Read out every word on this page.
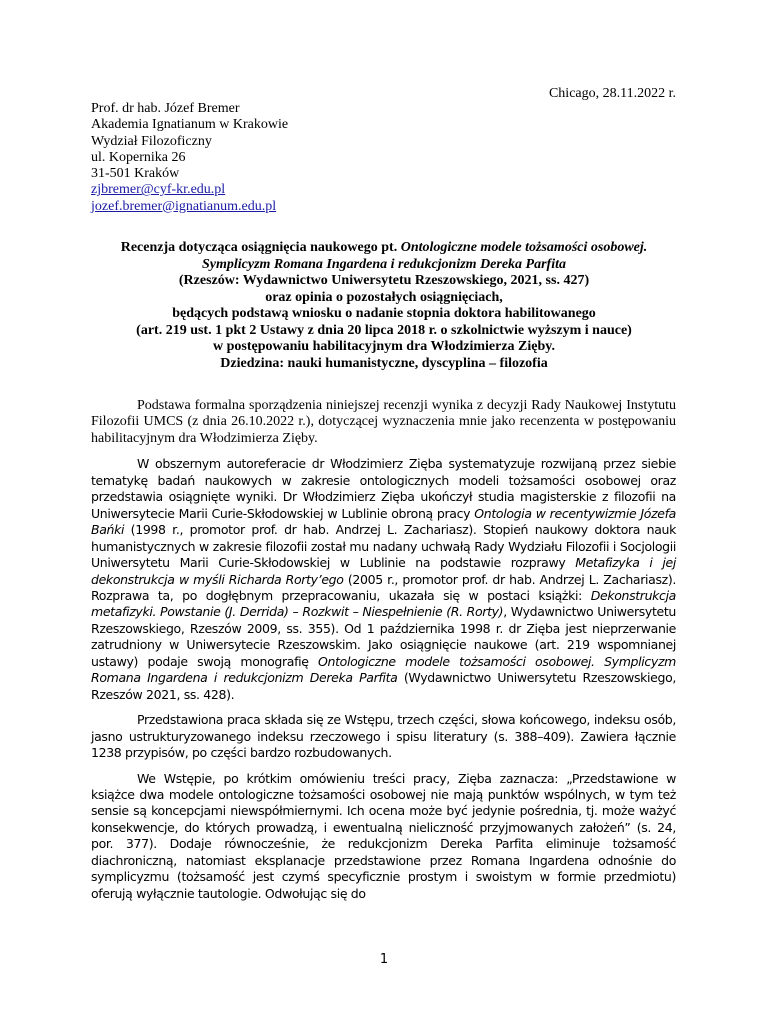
Chicago, 28.11.2022 r.
Prof. dr hab. Józef Bremer
Akademia Ignatianum w Krakowie
Wydział Filozoficzny
ul. Kopernika 26
31-501 Kraków
zjbremer@cyf-kr.edu.pl
jozef.bremer@ignatianum.edu.pl
Recenzja dotycząca osiągnięcia naukowego pt. Ontologiczne modele tożsamości osobowej.
Symplicyzm Romana Ingardena i redukcjonizm Dereka Parfita
(Rzeszów: Wydawnictwo Uniwersytetu Rzeszowskiego, 2021, ss. 427)
oraz opinia o pozostałych osiągnięciach,
będących podstawą wniosku o nadanie stopnia doktora habilitowanego
(art. 219 ust. 1 pkt 2 Ustawy z dnia 20 lipca 2018 r. o szkolnictwie wyższym i nauce)
w postępowaniu habilitacyjnym dra Włodzimierza Zięby.
Dziedzina: nauki humanistyczne, dyscyplina – filozofia

Podstawa formalna sporządzenia niniejszej recenzji wynika z decyzji Rady Naukowej Instytutu Filozofii UMCS (z dnia 26.10.2022 r.), dotyczącej wyznaczenia mnie jako recenzenta w postępowaniu habilitacyjnym dra Włodzimierza Zięby.

W obszernym autoreferacie dr Włodzimierz Zięba systematyzuje rozwijaną przez siebie tematykę badań naukowych w zakresie ontologicznych modeli tożsamości osobowej oraz przedstawia osiągnięte wyniki. Dr Włodzimierz Zięba ukończył studia magisterskie z filozofii na Uniwersytecie Marii Curie-Skłodowskiej w Lublinie obroną pracy Ontologia w recentywizmie Józefa Bańki (1998 r., promotor prof. dr hab. Andrzej L. Zachariasz). Stopień naukowy doktora nauk humanistycznych w zakresie filozofii został mu nadany uchwałą Rady Wydziału Filozofii i Socjologii Uniwersytetu Marii Curie-Skłodowskiej w Lublinie na podstawie rozprawy Metafizyka i jej dekonstrukcja w myśli Richarda Rorty’ego (2005 r., promotor prof. dr hab. Andrzej L. Zachariasz). Rozprawa ta, po dogłębnym przepracowaniu, ukazała się w postaci książki: Dekonstrukcja metafizyki. Powstanie (J. Derrida) – Rozkwit – Niespełnienie (R. Rorty), Wydawnictwo Uniwersytetu Rzeszowskiego, Rzeszów 2009, ss. 355). Od 1 października 1998 r. dr Zięba jest nieprzerwanie zatrudniony w Uniwersytecie Rzeszowskim. Jako osiągnięcie naukowe (art. 219 wspomnianej ustawy) podaje swoją monografię Ontologiczne modele tożsamości osobowej. Symplicyzm Romana Ingardena i redukcjonizm Dereka Parfita (Wydawnictwo Uniwersytetu Rzeszowskiego, Rzeszów 2021, ss. 428).

Przedstawiona praca składa się ze Wstępu, trzech części, słowa końcowego, indeksu osób, jasno ustrukturyzowanego indeksu rzeczowego i spisu literatury (s. 388–409). Zawiera łącznie 1238 przypisów, po części bardzo rozbudowanych.

We Wstępie, po krótkim omówieniu treści pracy, Zięba zaznacza: „Przedstawione w książce dwa modele ontologiczne tożsamości osobowej nie mają punktów wspólnych, w tym też sensie są koncepcjami niewspółmiernymi. Ich ocena może być jedynie pośrednia, tj. może ważyć konsekwencje, do których prowadzą, i ewentualną nieliczność przyjmowanych założeń” (s. 24, por. 377). Dodaje równocześnie, że redukcjonizm Dereka Parfita eliminuje tożsamość diachroniczną, natomiast eksplanacje przedstawione przez Romana Ingardena odnośnie do symplicyzmu (tożsamość jest czymś specyficznie prostym i swoistym w formie przedmiotu) oferują wyłącznie tautologie. Odwołując się do

1
